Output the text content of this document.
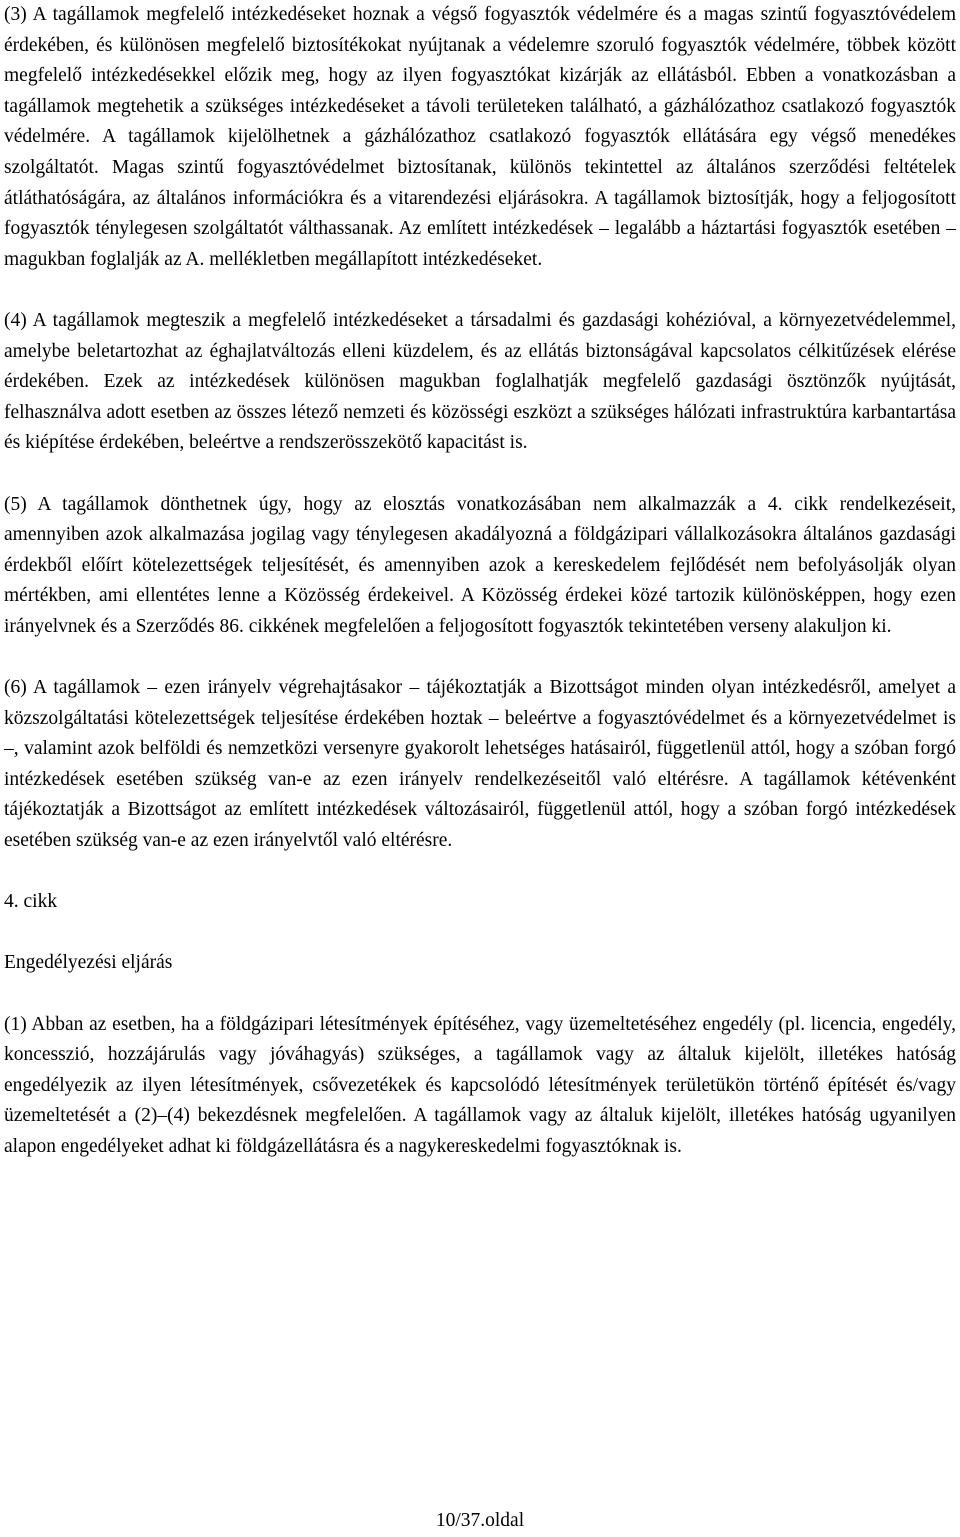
(3) A tagállamok megfelelő intézkedéseket hoznak a végső fogyasztók védelmére és a magas szintű fogyasztóvédelem érdekében, és különösen megfelelő biztosítékokat nyújtanak a védelemre szoruló fogyasztók védelmére, többek között megfelelő intézkedésekkel előzik meg, hogy az ilyen fogyasztókat kizárják az ellátásból. Ebben a vonatkozásban a tagállamok megtehetik a szükséges intézkedéseket a távoli területeken található, a gázhálózathoz csatlakozó fogyasztók védelmére. A tagállamok kijelölhetnek a gázhálózathoz csatlakozó fogyasztók ellátására egy végső menedékes szolgáltatót. Magas szintű fogyasztóvédelmet biztosítanak, különös tekintettel az általános szerződési feltételek átláthatóságára, az általános információkra és a vitarendezési eljárásokra. A tagállamok biztosítják, hogy a feljogosított fogyasztók ténylegesen szolgáltatót válthassanak. Az említett intézkedések – legalább a háztartási fogyasztók esetében – magukban foglalják az A. mellékletben megállapított intézkedéseket.

(4) A tagállamok megteszik a megfelelő intézkedéseket a társadalmi és gazdasági kohézióval, a környezetvédelemmel, amelybe beletartozhat az éghajlatváltozás elleni küzdelem, és az ellátás biztonságával kapcsolatos célkitűzések elérése érdekében. Ezek az intézkedések különösen magukban foglalhatják megfelelő gazdasági ösztönzők nyújtását, felhasználva adott esetben az összes létező nemzeti és közösségi eszközt a szükséges hálózati infrastruktúra karbantartása és kiépítése érdekében, beleértve a rendszerösszekötő kapacitást is.

(5) A tagállamok dönthetnek úgy, hogy az elosztás vonatkozásában nem alkalmazzák a 4. cikk rendelkezéseit, amennyiben azok alkalmazása jogilag vagy ténylegesen akadályozná a földgázipari vállalkozásokra általános gazdasági érdekből előírt kötelezettségek teljesítését, és amennyiben azok a kereskedelem fejlődését nem befolyásolják olyan mértékben, ami ellentétes lenne a Közösség érdekeivel. A Közösség érdekei közé tartozik különösképpen, hogy ezen irányelvnek és a Szerződés 86. cikkének megfelelően a feljogosított fogyasztók tekintetében verseny alakuljon ki.

(6) A tagállamok – ezen irányelv végrehajtásakor – tájékoztatják a Bizottságot minden olyan intézkedésről, amelyet a közszolgáltatási kötelezettségek teljesítése érdekében hoztak – beleértve a fogyasztóvédelmet és a környezetvédelmet is –, valamint azok belföldi és nemzetközi versenyre gyakorolt lehetséges hatásairól, függetlenül attól, hogy a szóban forgó intézkedések esetében szükség van-e az ezen irányelv rendelkezéseitől való eltérésre. A tagállamok kétévenként tájékoztatják a Bizottságot az említett intézkedések változásairól, függetlenül attól, hogy a szóban forgó intézkedések esetében szükség van-e az ezen irányelvtől való eltérésre.

4. cikk

Engedélyezési eljárás

(1) Abban az esetben, ha a földgázipari létesítmények építéséhez, vagy üzemeltetéséhez engedély (pl. licencia, engedély, koncesszió, hozzájárulás vagy jóváhagyás) szükséges, a tagállamok vagy az általuk kijelölt, illetékes hatóság engedélyezik az ilyen létesítmények, csővezetékek és kapcsolódó létesítmények területükön történő építését és/vagy üzemeltetését a (2)–(4) bekezdésnek megfelelően. A tagállamok vagy az általuk kijelölt, illetékes hatóság ugyanilyen alapon engedélyeket adhat ki földgázellátásra és a nagykereskedelmi fogyasztóknak is.

10/37.oldal
